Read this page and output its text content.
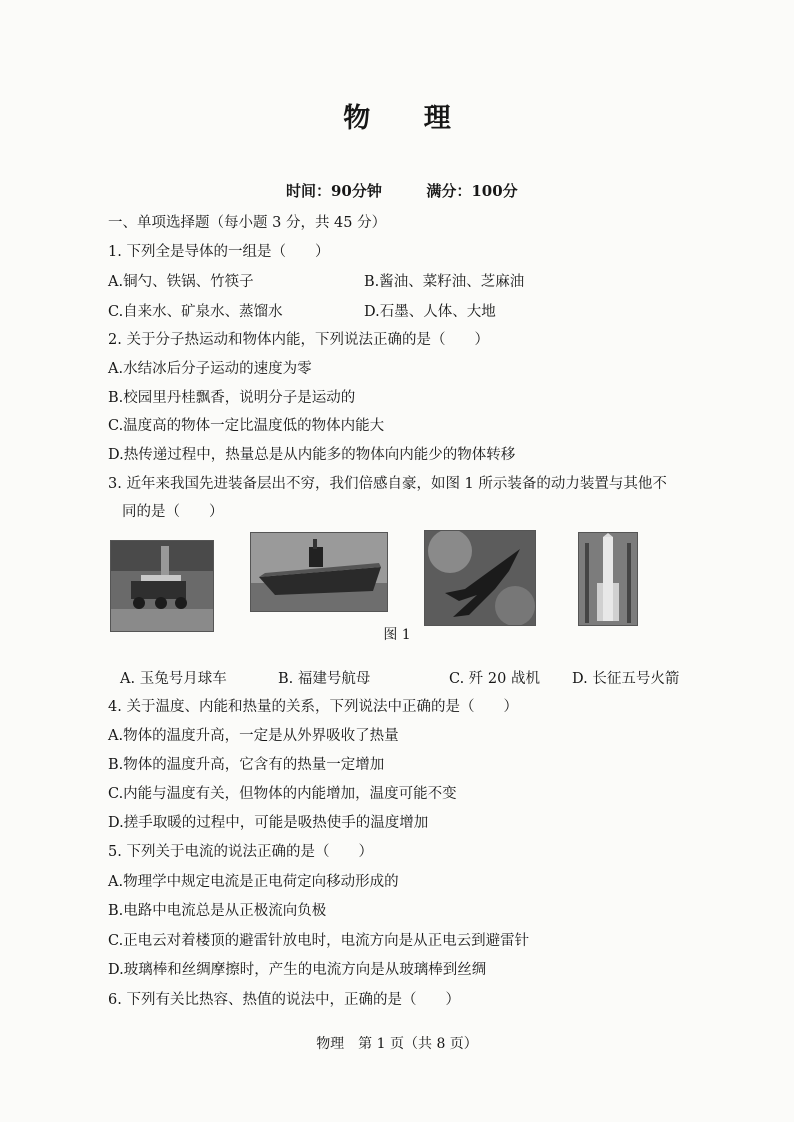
物 理
时间：90分钟	满分：100分
一、单项选择题（每小题 3 分，共 45 分）
1. 下列全是导体的一组是（　　）
A.铜勺、铁锅、竹筷子	B.酱油、菜籽油、芝麻油
C.自来水、矿泉水、蒸馏水	D.石墨、人体、大地
2. 关于分子热运动和物体内能，下列说法正确的是（　　）
A.水结冰后分子运动的速度为零
B.校园里丹桂飘香，说明分子是运动的
C.温度高的物体一定比温度低的物体内能大
D.热传递过程中，热量总是从内能多的物体向内能少的物体转移
3. 近年来我国先进装备层出不穷，我们倍感自豪，如图 1 所示装备的动力装置与其他不
同的是（　　）
图 1
A. 玉兔号月球车	B. 福建号航母	C. 歼 20 战机 D. 长征五号火箭
4. 关于温度、内能和热量的关系，下列说法中正确的是（　　）
A.物体的温度升高，一定是从外界吸收了热量
B.物体的温度升高，它含有的热量一定增加
C.内能与温度有关，但物体的内能增加，温度可能不变
D.搓手取暖的过程中，可能是吸热使手的温度增加
5. 下列关于电流的说法正确的是（　　）
A.物理学中规定电流是正电荷定向移动形成的
B.电路中电流总是从正极流向负极
C.正电云对着楼顶的避雷针放电时，电流方向是从正电云到避雷针
D.玻璃棒和丝绸摩擦时，产生的电流方向是从玻璃棒到丝绸
6. 下列有关比热容、热值的说法中，正确的是（　　）
物理　第 1 页（共 8 页）
